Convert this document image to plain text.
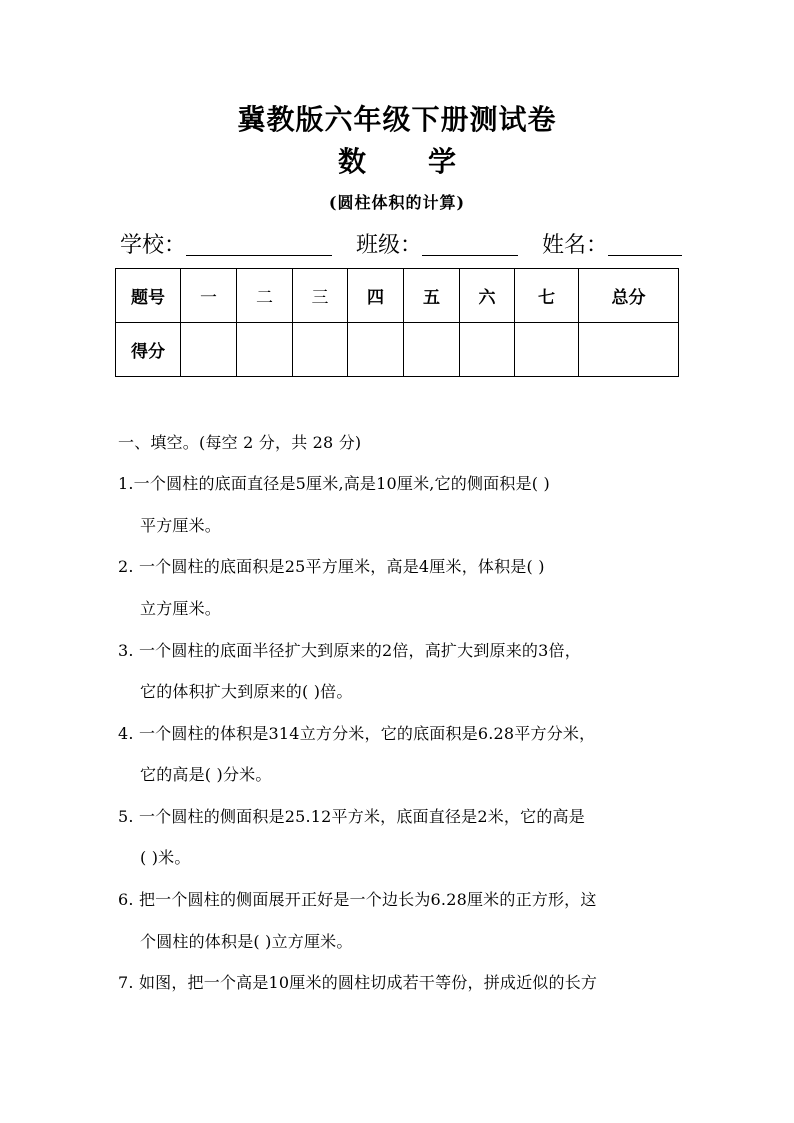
冀教版六年级下册测试卷
数 学
(圆柱体积的计算)
学校：	班级：	姓名：
题号	一	二	三	四	五	六	七	总分
得分								
一、填空。(每空 2 分，共 28 分)
1.一个圆柱的底面直径是5厘米,高是10厘米,它的侧面积是( )
平方厘米。
2. 一个圆柱的底面积是25平方厘米，高是4厘米，体积是( )
立方厘米。
3. 一个圆柱的底面半径扩大到原来的2倍，高扩大到原来的3倍，
它的体积扩大到原来的( )倍。
4. 一个圆柱的体积是314立方分米，它的底面积是6.28平方分米，
它的高是( )分米。
5. 一个圆柱的侧面积是25.12平方米，底面直径是2米，它的高是
( )米。
6. 把一个圆柱的侧面展开正好是一个边长为6.28厘米的正方形，这
个圆柱的体积是( )立方厘米。
7. 如图，把一个高是10厘米的圆柱切成若干等份，拼成近似的长方
